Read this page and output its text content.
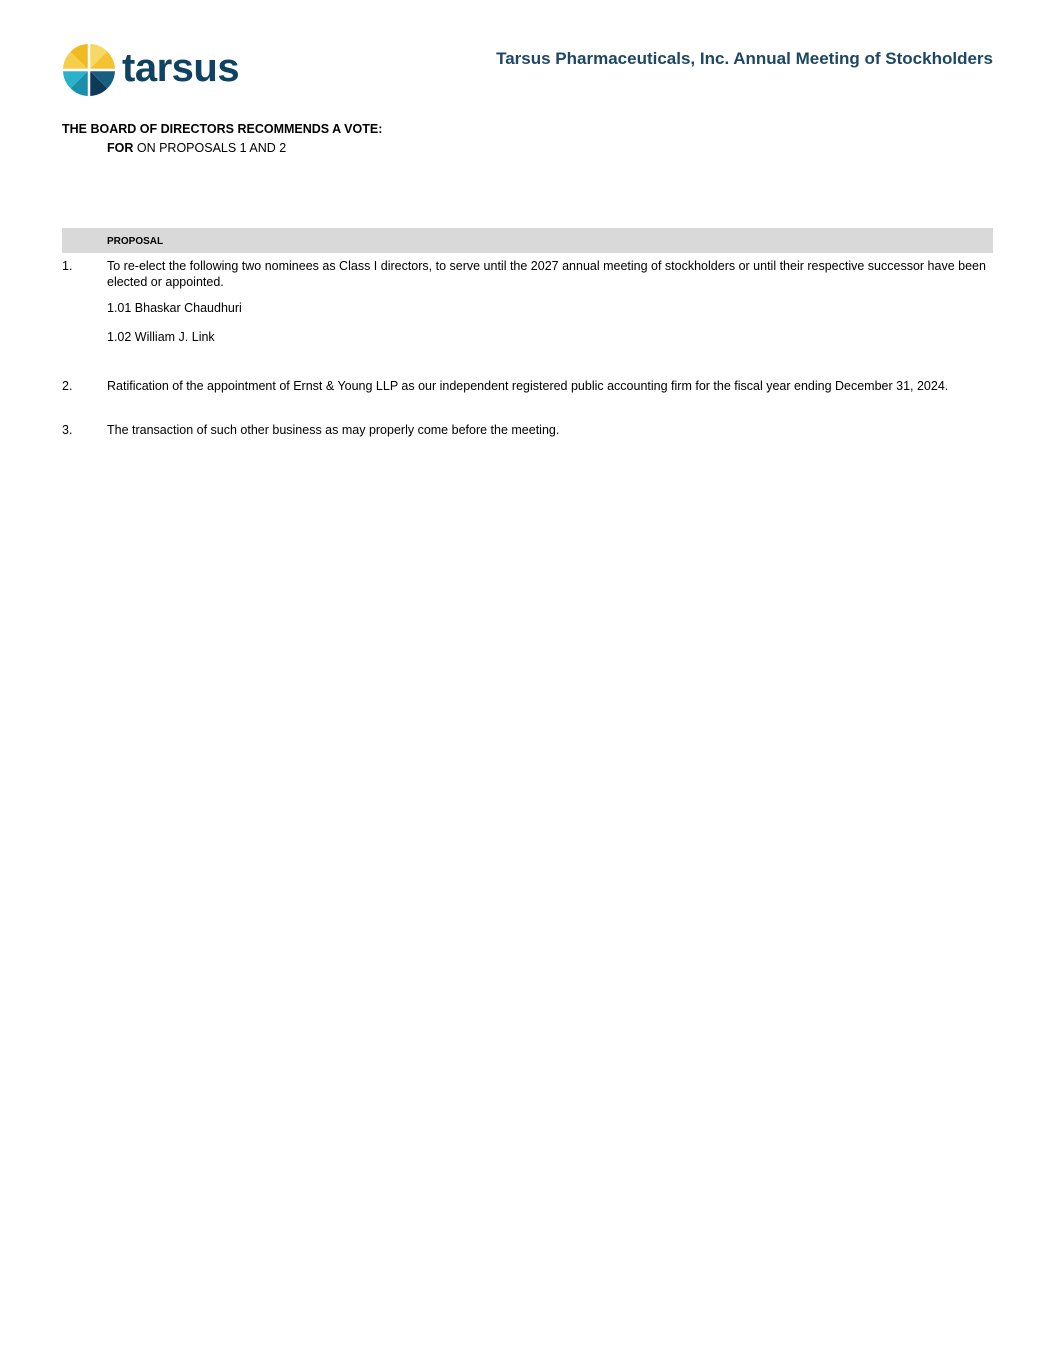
tarsus	Tarsus Pharmaceuticals, Inc. Annual Meeting of Stockholders
THE BOARD OF DIRECTORS RECOMMENDS A VOTE:
FOR ON PROPOSALS 1 AND 2
PROPOSAL
1.	To re-elect the following two nominees as Class I directors, to serve until the 2027 annual meeting of stockholders or until their respective successor have been elected or appointed.
1.01 Bhaskar Chaudhuri
1.02 William J. Link
2.	Ratification of the appointment of Ernst & Young LLP as our independent registered public accounting firm for the fiscal year ending December 31, 2024.
3.	The transaction of such other business as may properly come before the meeting.
